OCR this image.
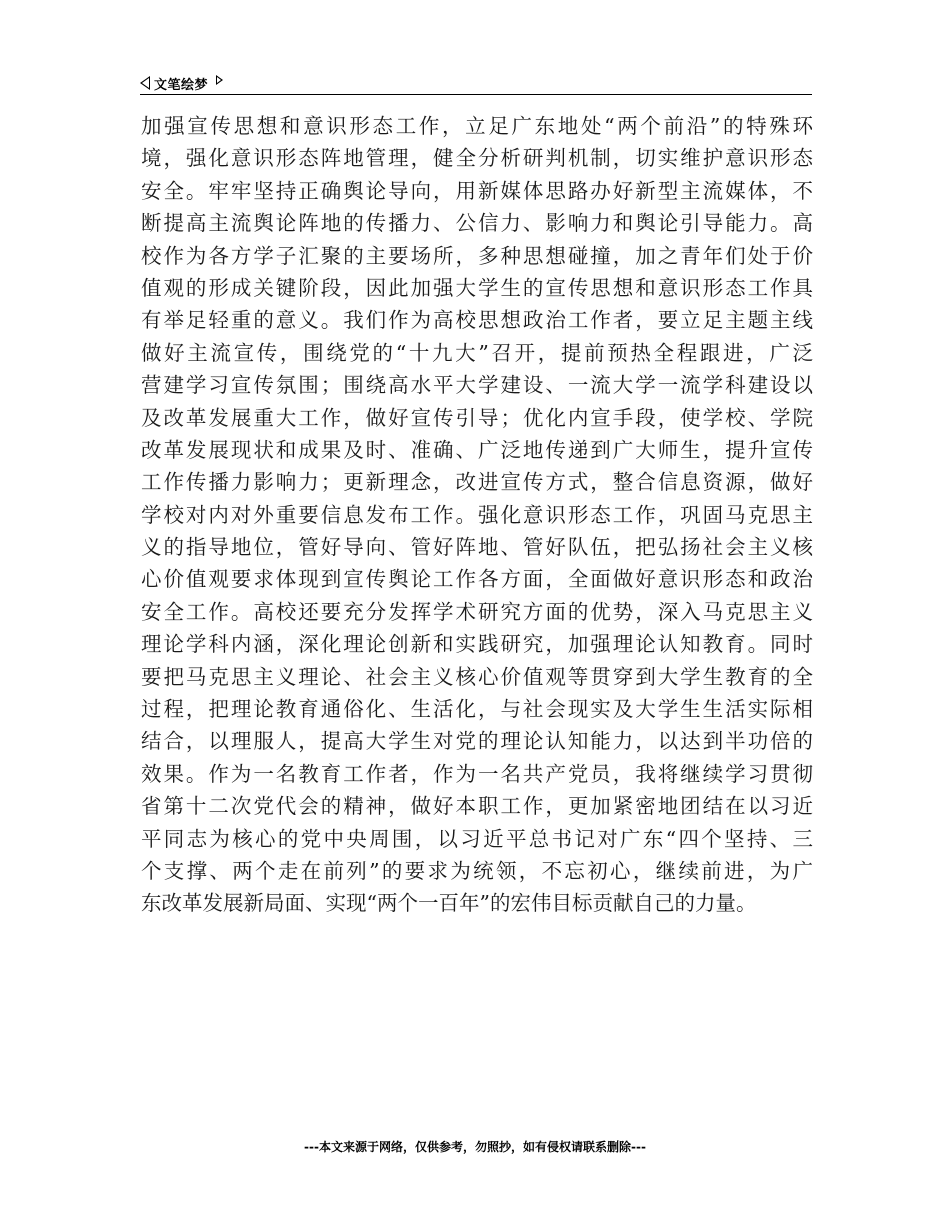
文笔绘梦
加强宣传思想和意识形态工作，立足广东地处“两个前沿”的特殊环
境，强化意识形态阵地管理，健全分析研判机制，切实维护意识形态
安全。牢牢坚持正确舆论导向，用新媒体思路办好新型主流媒体，不
断提高主流舆论阵地的传播力、公信力、影响力和舆论引导能力。高
校作为各方学子汇聚的主要场所，多种思想碰撞，加之青年们处于价
值观的形成关键阶段，因此加强大学生的宣传思想和意识形态工作具
有举足轻重的意义。我们作为高校思想政治工作者，要立足主题主线
做好主流宣传，围绕党的“十九大”召开，提前预热全程跟进，广泛
营建学习宣传氛围；围绕高水平大学建设、一流大学一流学科建设以
及改革发展重大工作，做好宣传引导；优化内宣手段，使学校、学院
改革发展现状和成果及时、准确、广泛地传递到广大师生，提升宣传
工作传播力影响力；更新理念，改进宣传方式，整合信息资源，做好
学校对内对外重要信息发布工作。强化意识形态工作，巩固马克思主
义的指导地位，管好导向、管好阵地、管好队伍，把弘扬社会主义核
心价值观要求体现到宣传舆论工作各方面，全面做好意识形态和政治
安全工作。高校还要充分发挥学术研究方面的优势，深入马克思主义
理论学科内涵，深化理论创新和实践研究，加强理论认知教育。同时
要把马克思主义理论、社会主义核心价值观等贯穿到大学生教育的全
过程，把理论教育通俗化、生活化，与社会现实及大学生生活实际相
结合，以理服人，提高大学生对党的理论认知能力，以达到半功倍的
效果。作为一名教育工作者，作为一名共产党员，我将继续学习贯彻
省第十二次党代会的精神，做好本职工作，更加紧密地团结在以习近
平同志为核心的党中央周围，以习近平总书记对广东“四个坚持、三
个支撑、两个走在前列”的要求为统领，不忘初心，继续前进，为广
东改革发展新局面、实现“两个一百年”的宏伟目标贡献自己的力量。
---本文来源于网络，仅供参考，勿照抄，如有侵权请联系删除---
